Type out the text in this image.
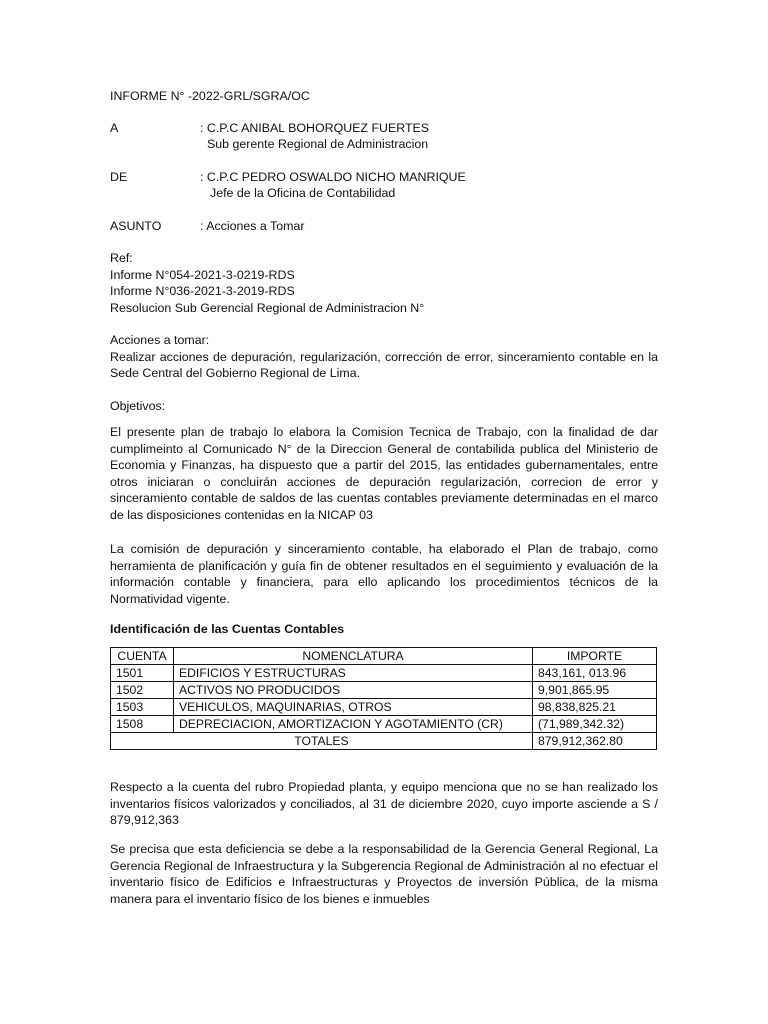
INFORME N° -2022-GRL/SGRA/OC
A	: C.P.C ANIBAL BOHORQUEZ FUERTES
Sub gerente Regional de Administracion
DE	: C.P.C PEDRO OSWALDO NICHO MANRIQUE
Jefe de la Oficina de Contabilidad
ASUNTO	: Acciones a Tomar
Ref:
Informe N°054-2021-3-0219-RDS
Informe N°036-2021-3-2019-RDS
Resolucion Sub Gerencial Regional de Administracion N°
Acciones a tomar:

Realizar acciones de depuración, regularización, corrección de error, sinceramiento contable en la Sede Central del Gobierno Regional de Lima.

Objetivos:

El presente plan de trabajo lo elabora la Comision Tecnica de Trabajo, con la finalidad de dar cumplimeinto al Comunicado N° de la Direccion General de contabilida publica del Ministerio de Economia y Finanzas, ha dispuesto que a partir del 2015, las entidades gubernamentales, entre otros iniciaran o concluirán acciones de depuración regularización, correcion de error y sinceramiento contable de saldos de las cuentas contables previamente determinadas en el marco de las disposiciones contenidas en la NICAP 03

La comisión de depuración y sinceramiento contable, ha elaborado el Plan de trabajo, como herramienta de planificación y guía fin de obtener resultados en el seguimiento y evaluación de la información contable y financiera, para ello aplicando los procedimientos técnicos de la Normatividad vigente.

Identificación de las Cuentas Contables
CUENTA	NOMENCLATURA	IMPORTE
1501	EDIFICIOS Y ESTRUCTURAS	843,161, 013.96
1502	ACTIVOS NO PRODUCIDOS	9,901,865.95
1503	VEHICULOS, MAQUINARIAS, OTROS	98,838,825.21
1508	DEPRECIACION, AMORTIZACION Y AGOTAMIENTO (CR)	(71,989,342.32)
TOTALES		879,912,362.80

Respecto a la cuenta del rubro Propiedad planta, y equipo menciona que no se han realizado los inventarios físicos valorizados y conciliados, al 31 de diciembre 2020, cuyo importe asciende a S / 879,912,363

Se precisa que esta deficiencia se debe a la responsabilidad de la Gerencia General Regional, La Gerencia Regional de Infraestructura y la Subgerencia Regional de Administración al no efectuar el inventario físico de Edificios e Infraestructuras y Proyectos de inversión Pública, de la misma manera para el inventario físico de los bienes e inmuebles
